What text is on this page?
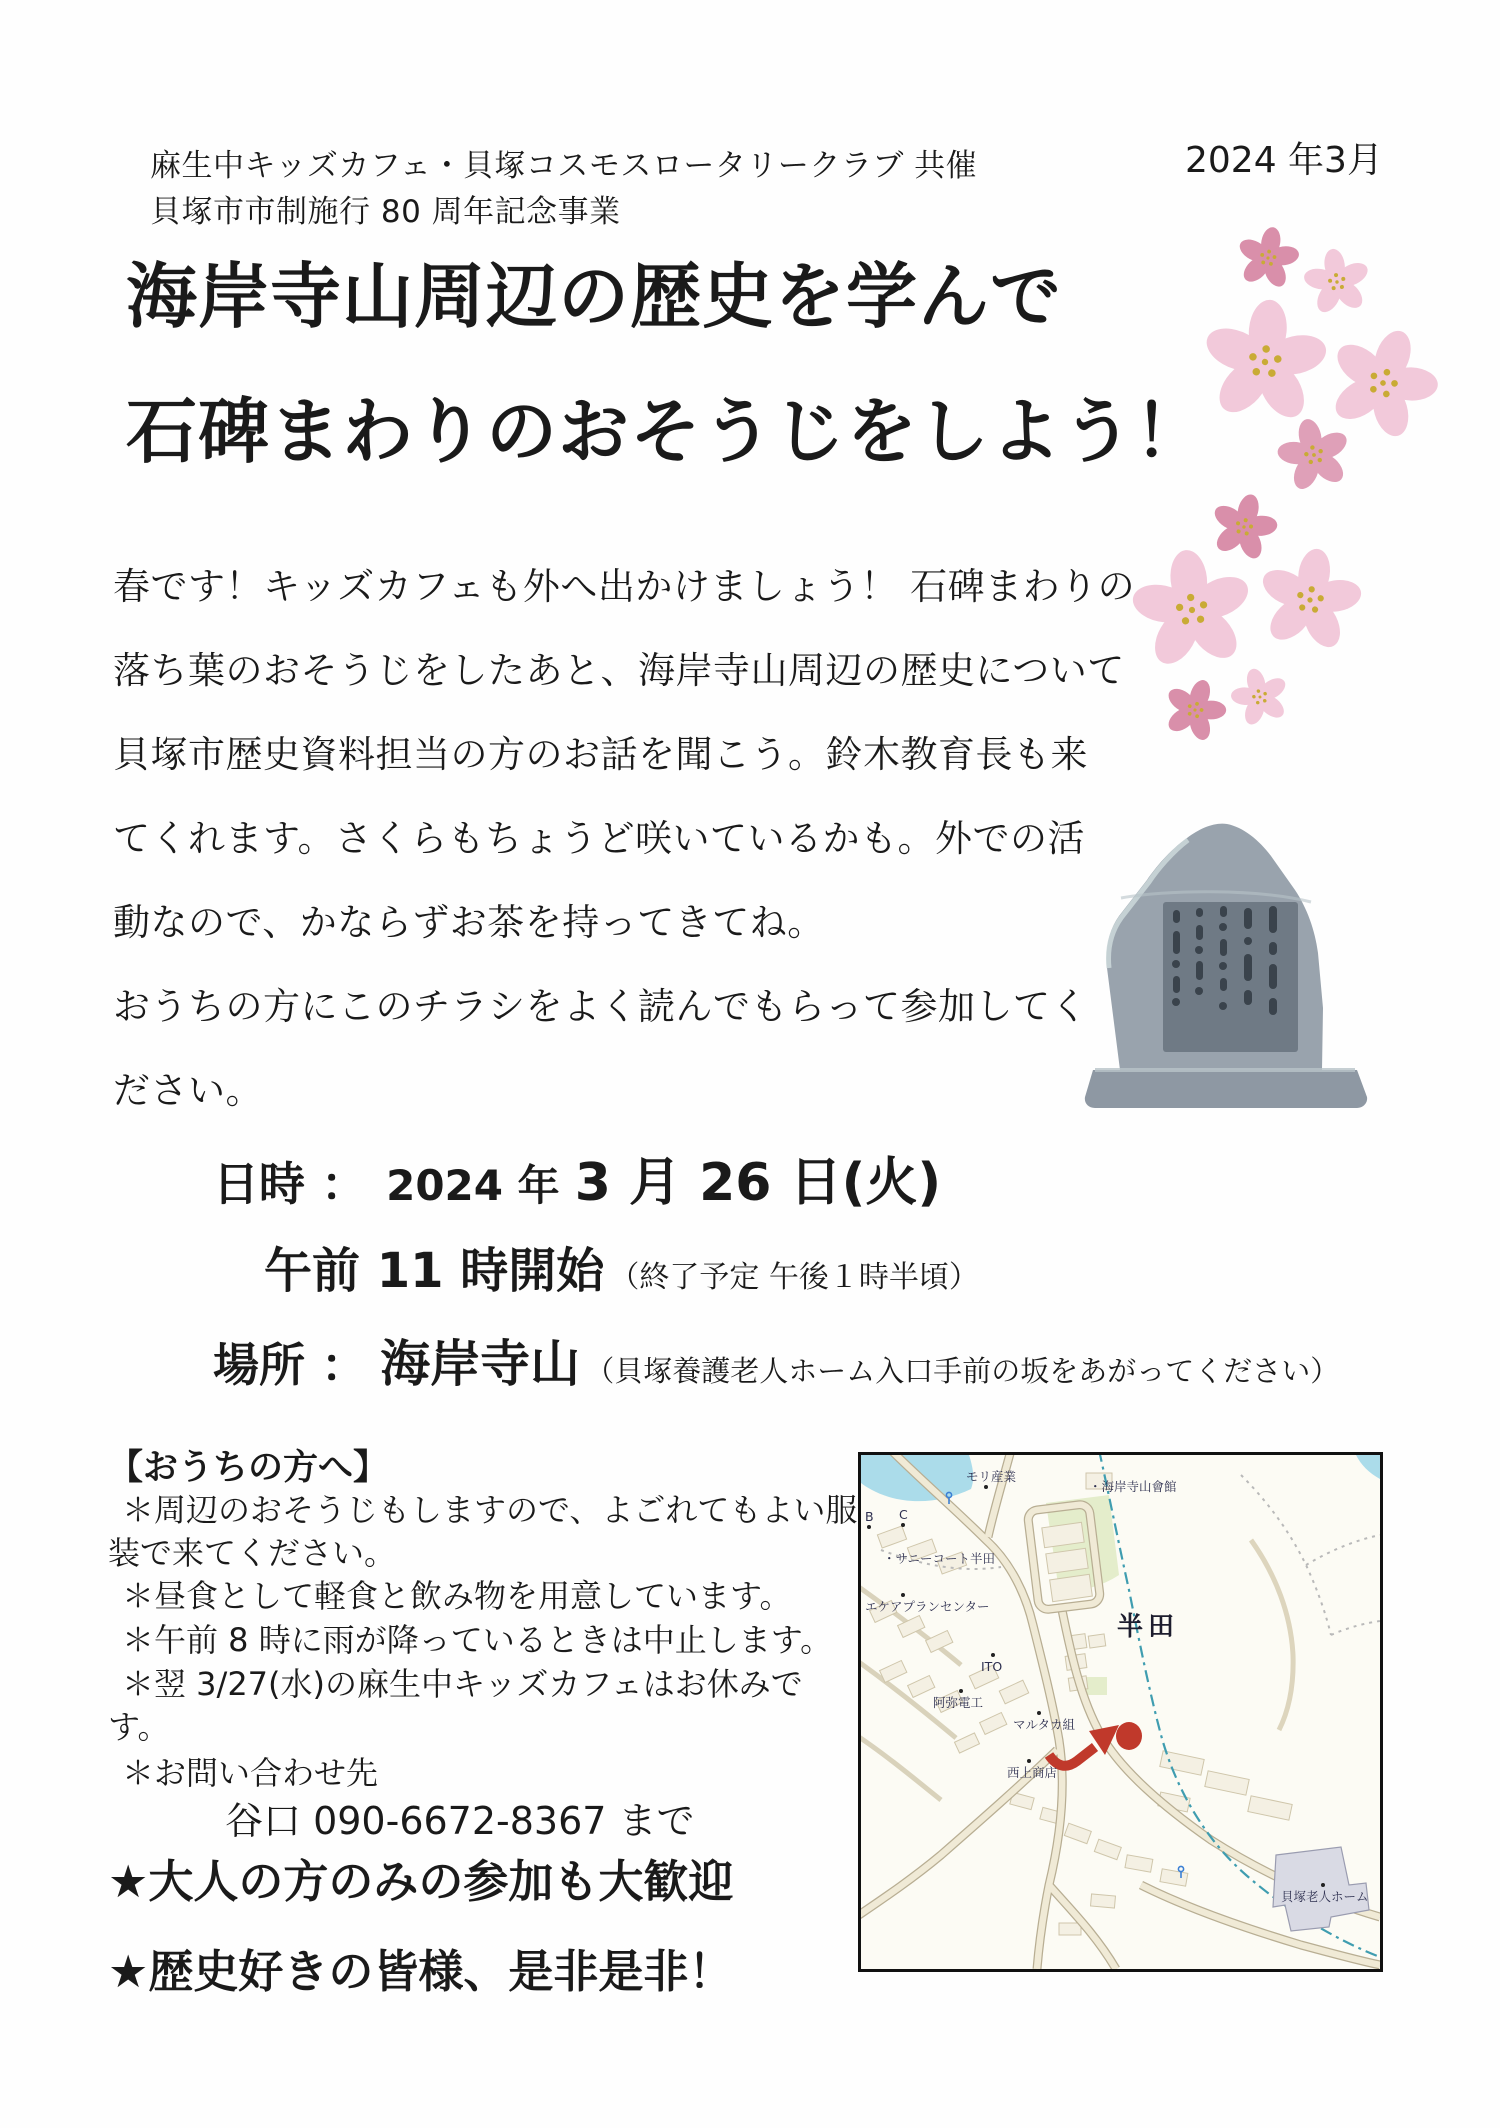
麻生中キッズカフェ・貝塚コスモスロータリークラブ 共催
貝塚市市制施行 80 周年記念事業
2024 年3月
海岸寺山周辺の歴史を学んで
石碑まわりのおそうじをしよう！
春です！キッズカフェも外へ出かけましょう！ 石碑まわりの
落ち葉のおそうじをしたあと、海岸寺山周辺の歴史について
貝塚市歴史資料担当の方のお話を聞こう。鈴木教育長も来
てくれます。さくらもちょうど咲いているかも。外での活
動なので、かならずお茶を持ってきてね。
おうちの方にこのチラシをよく読んでもらって参加してく
ださい。
日時 ： 2024 年 3 月 26 日(火)
午前 11 時開始 （終了予定 午後１時半頃）
場所 ： 海岸寺山 （貝塚養護老人ホーム入口手前の坂をあがってください）
【おうちの方へ】
＊周辺のおそうじもしますので、よごれてもよい服
装で来てください。
＊昼食として軽食と飲み物を用意しています。
＊午前 8 時に雨が降っているときは中止します。
＊翌 3/27(水)の麻生中キッズカフェはお休みで
す。
＊お問い合わせ先
谷口 090-6672-8367 まで
★大人の方のみの参加も大歓迎
★歴史好きの皆様、是非是非！
モリ産業
・海岸寺山會館
B C
・サニーコート半田
エケアプランセンター
半田
ITO
阿弥電工
マルタカ組
西上商店
貝塚老人ホーム
